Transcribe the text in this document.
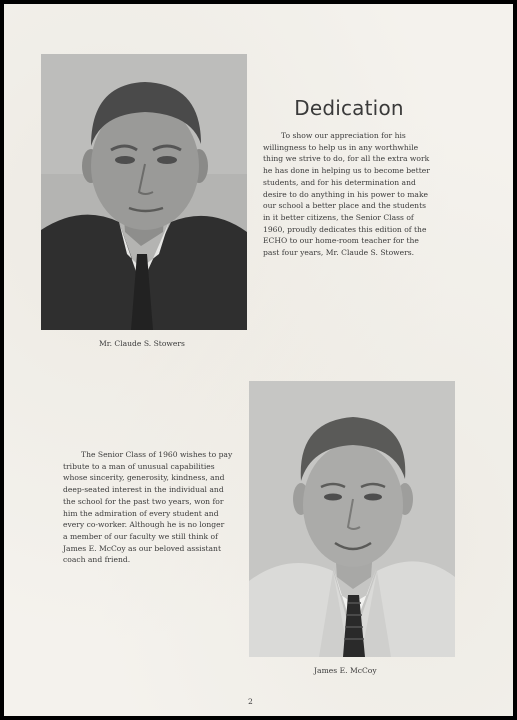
Dedication

To show our appreciation for his
willingness to help us in any worthwhile
thing we strive to do, for all the extra work
he has done in helping us to become better
students, and for his determination and
desire to do anything in his power to make
our school a better place and the students
in it better citizens, the Senior Class of
1960, proudly dedicates this edition of the
ECHO to our home-room teacher for the
past four years, Mr. Claude S. Stowers.

Mr. Claude S. Stowers

The Senior Class of 1960 wishes to pay
tribute to a man of unusual capabilities
whose sincerity, generosity, kindness, and
deep-seated interest in the individual and
the school for the past two years, won for
him the admiration of every student and
every co-worker. Although he is no longer
a member of our faculty we still think of
James E. McCoy as our beloved assistant
coach and friend.

James E. McCoy
2
